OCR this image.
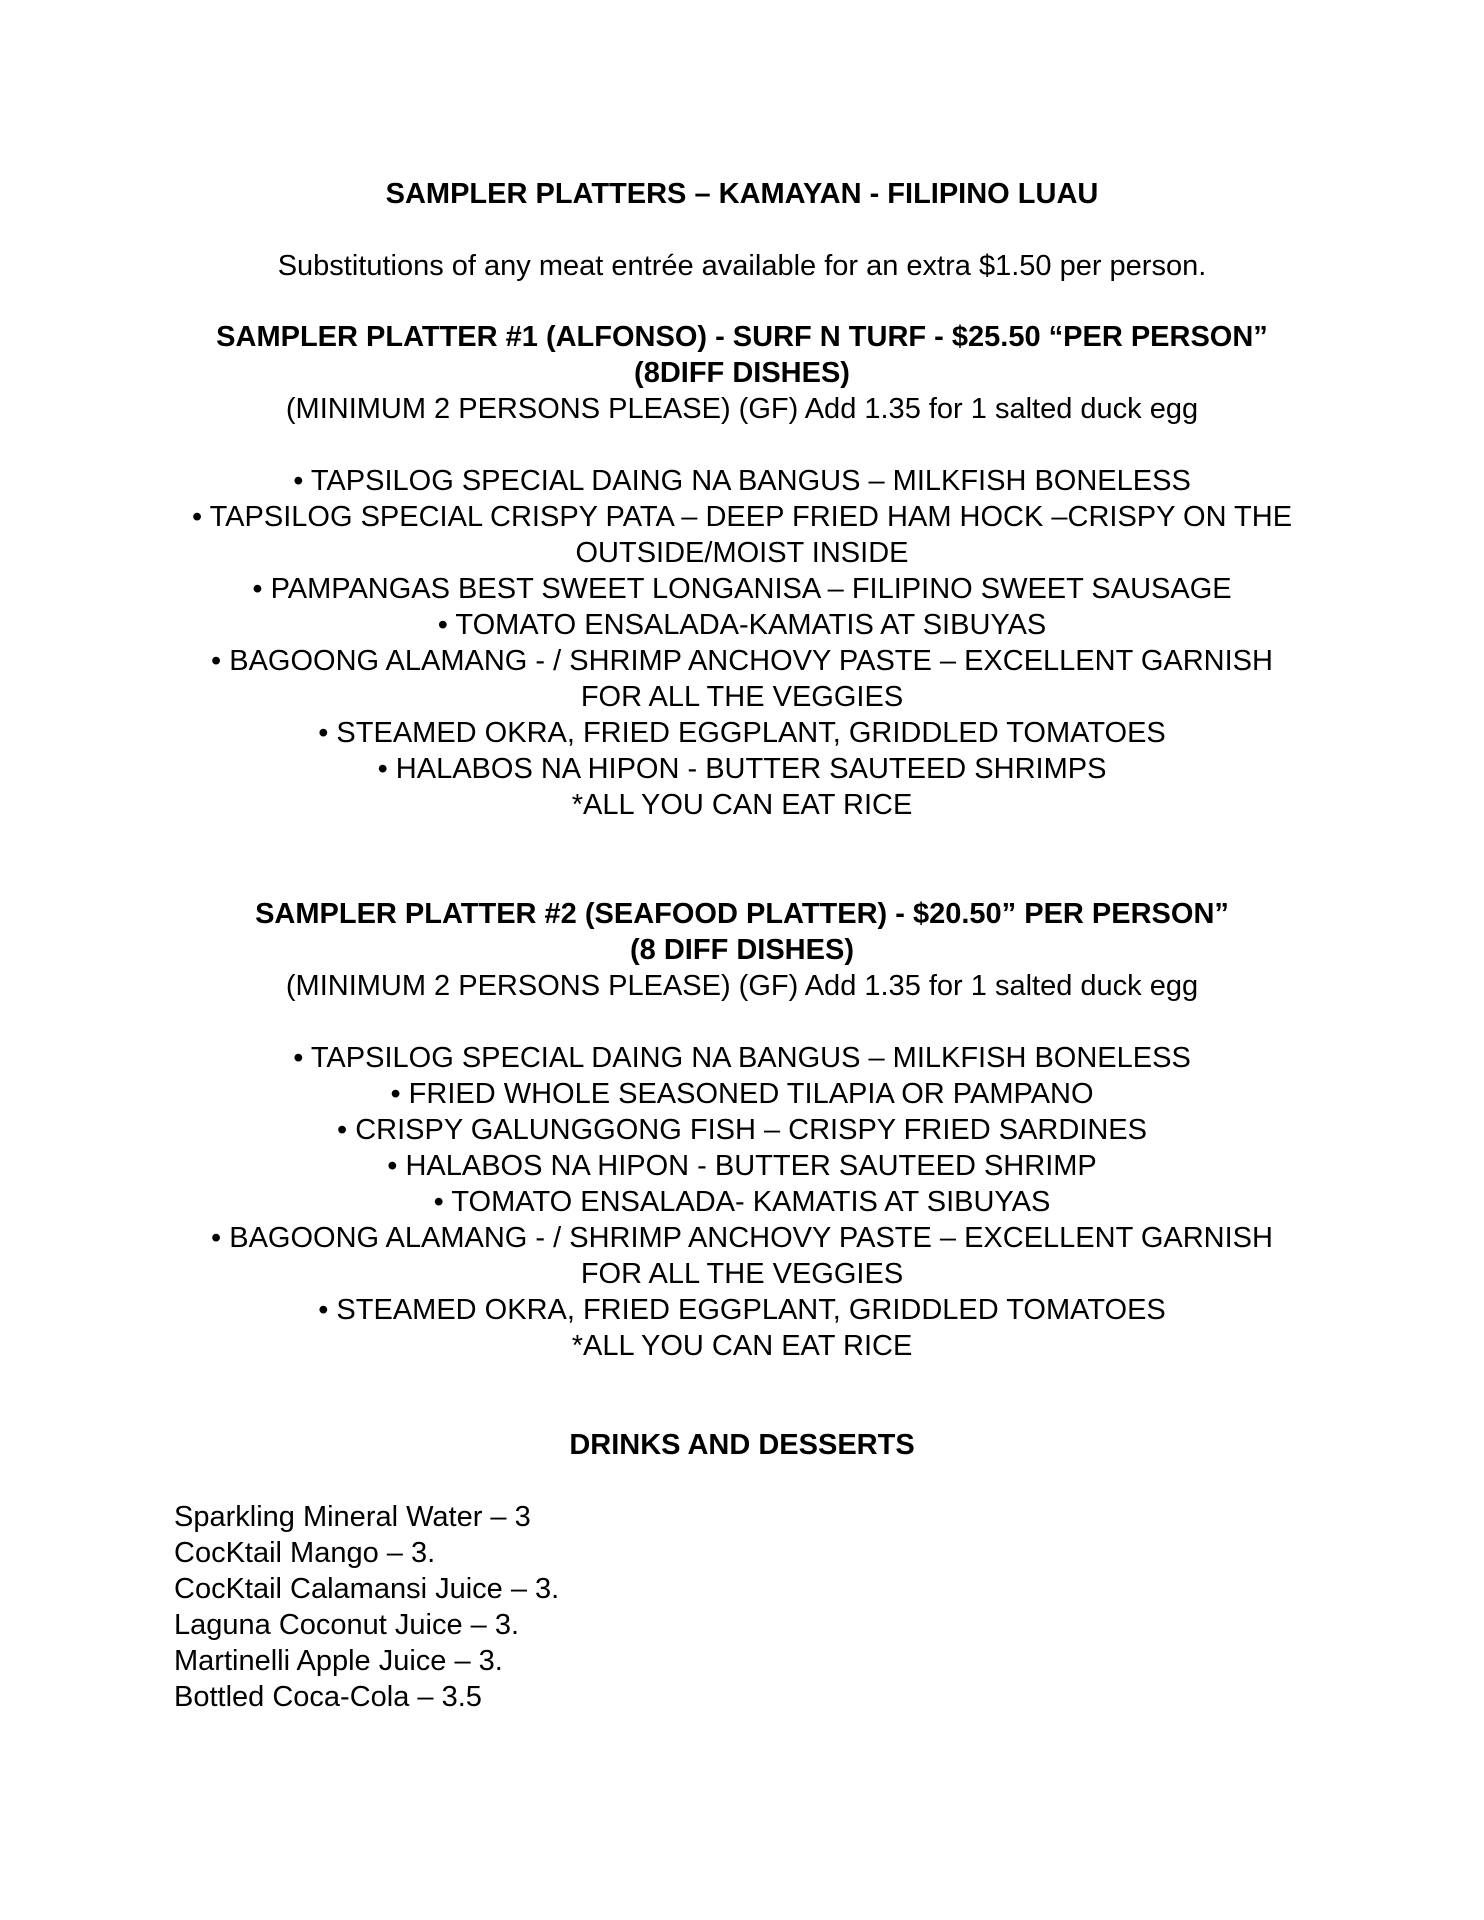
SAMPLER PLATTERS – KAMAYAN - FILIPINO LUAU
Substitutions of any meat entrée available for an extra $1.50 per person.
SAMPLER PLATTER #1 (ALFONSO) - SURF N TURF - $25.50 “PER PERSON”
(8DIFF DISHES)
(MINIMUM 2 PERSONS PLEASE) (GF) Add 1.35 for 1 salted duck egg
• TAPSILOG SPECIAL DAING NA BANGUS – MILKFISH BONELESS
• TAPSILOG SPECIAL CRISPY PATA – DEEP FRIED HAM HOCK –CRISPY ON THE
OUTSIDE/MOIST INSIDE
• PAMPANGAS BEST SWEET LONGANISA – FILIPINO SWEET SAUSAGE
• TOMATO ENSALADA-KAMATIS AT SIBUYAS
• BAGOONG ALAMANG - / SHRIMP ANCHOVY PASTE – EXCELLENT GARNISH
FOR ALL THE VEGGIES
• STEAMED OKRA, FRIED EGGPLANT, GRIDDLED TOMATOES
• HALABOS NA HIPON - BUTTER SAUTEED SHRIMPS
*ALL YOU CAN EAT RICE
SAMPLER PLATTER #2 (SEAFOOD PLATTER) - $20.50” PER PERSON”
(8 DIFF DISHES)
(MINIMUM 2 PERSONS PLEASE) (GF) Add 1.35 for 1 salted duck egg
• TAPSILOG SPECIAL DAING NA BANGUS – MILKFISH BONELESS
• FRIED WHOLE SEASONED TILAPIA OR PAMPANO
• CRISPY GALUNGGONG FISH – CRISPY FRIED SARDINES
• HALABOS NA HIPON - BUTTER SAUTEED SHRIMP
• TOMATO ENSALADA- KAMATIS AT SIBUYAS
• BAGOONG ALAMANG - / SHRIMP ANCHOVY PASTE – EXCELLENT GARNISH
FOR ALL THE VEGGIES
• STEAMED OKRA, FRIED EGGPLANT, GRIDDLED TOMATOES
*ALL YOU CAN EAT RICE
DRINKS AND DESSERTS
Sparkling Mineral Water – 3
CocKtail Mango – 3.
CocKtail Calamansi Juice – 3.
Laguna Coconut Juice – 3.
Martinelli Apple Juice – 3.
Bottled Coca-Cola – 3.5
